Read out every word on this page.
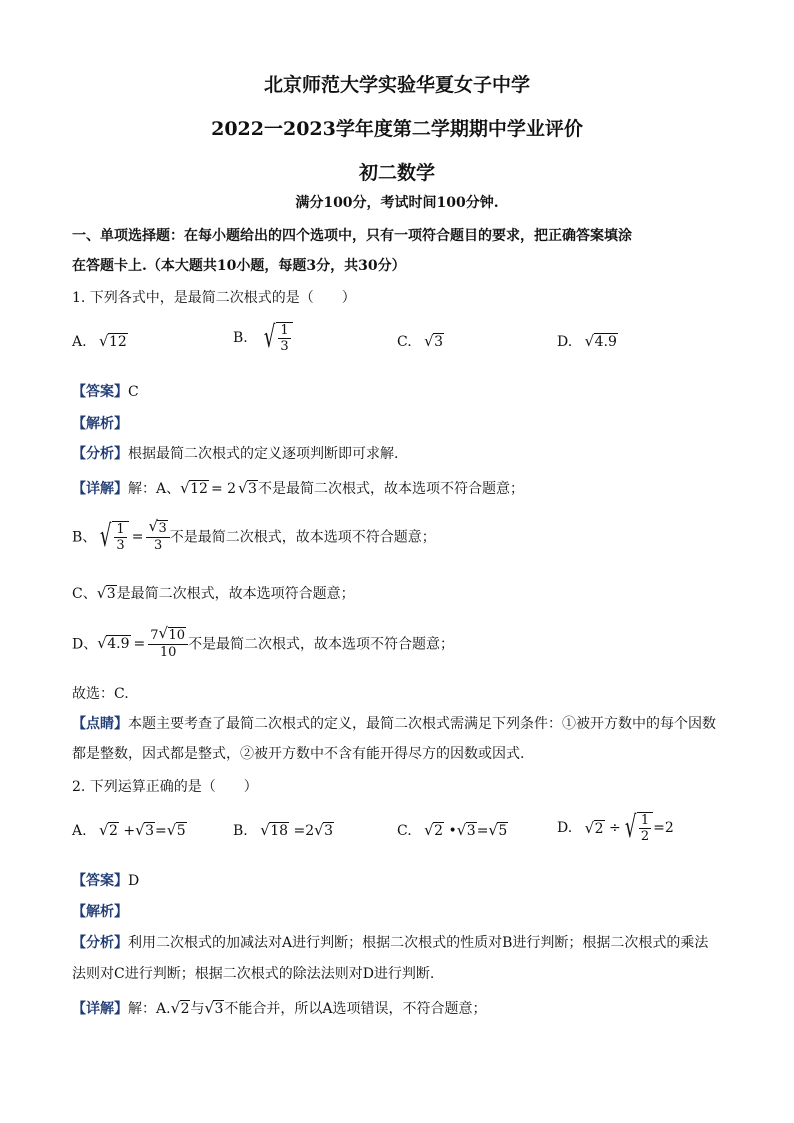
北京师范大学实验华夏女子中学
2022一2023学年度第二学期期中学业评价
初二数学
满分100分，考试时间100分钟.
一、单项选择题：在每小题给出的四个选项中，只有一项符合题目的要求，把正确答案填涂
在答题卡上.（本大题共10小题，每题3分，共30分）
1. 下列各式中，是最简二次根式的是（　　）
A. √ 12	B. √ $\frac{1}{3}$	C. √ 3	D. √ 4.9
【答案】C
【解析】
【分析】根据最简二次根式的定义逐项判断即可求解.
【详解】解：A、 √ 12 = 2 √ 3不是最简二次根式，故本选项不符合题意；
B、 √ $\frac{1}{3} = \frac{√ 3}{3}$ 不是最简二次根式，故本选项不符合题意；
C、 √ 3是最简二次根式，故本选项符合题意；
D、 √ $4.9 = \frac{7 √ 10}{10}$ 不是最简二次根式，故本选项不符合题意；
故选：C.
【点睛】本题主要考查了最简二次根式的定义，最简二次根式需满足下列条件：①被开方数中的每个因数
都是整数，因式都是整式，②被开方数中不含有能开得尽方的因数或因式.
2. 下列运算正确的是（　　）
A. √ 2 + √ 3= √ 5	B. √ 18 =2 √ 3	C. √ 2 • √ 3= √ 5	D. √ 2 ÷ √ $\frac{1}{2} =2$
【答案】D
【解析】
【分析】利用二次根式的加减法对A进行判断；根据二次根式的性质对B进行判断；根据二次根式的乘法
法则对C进行判断；根据二次根式的除法法则对D进行判断.
【详解】解：A. √ 2与 √ 3不能合并，所以A选项错误，不符合题意；
